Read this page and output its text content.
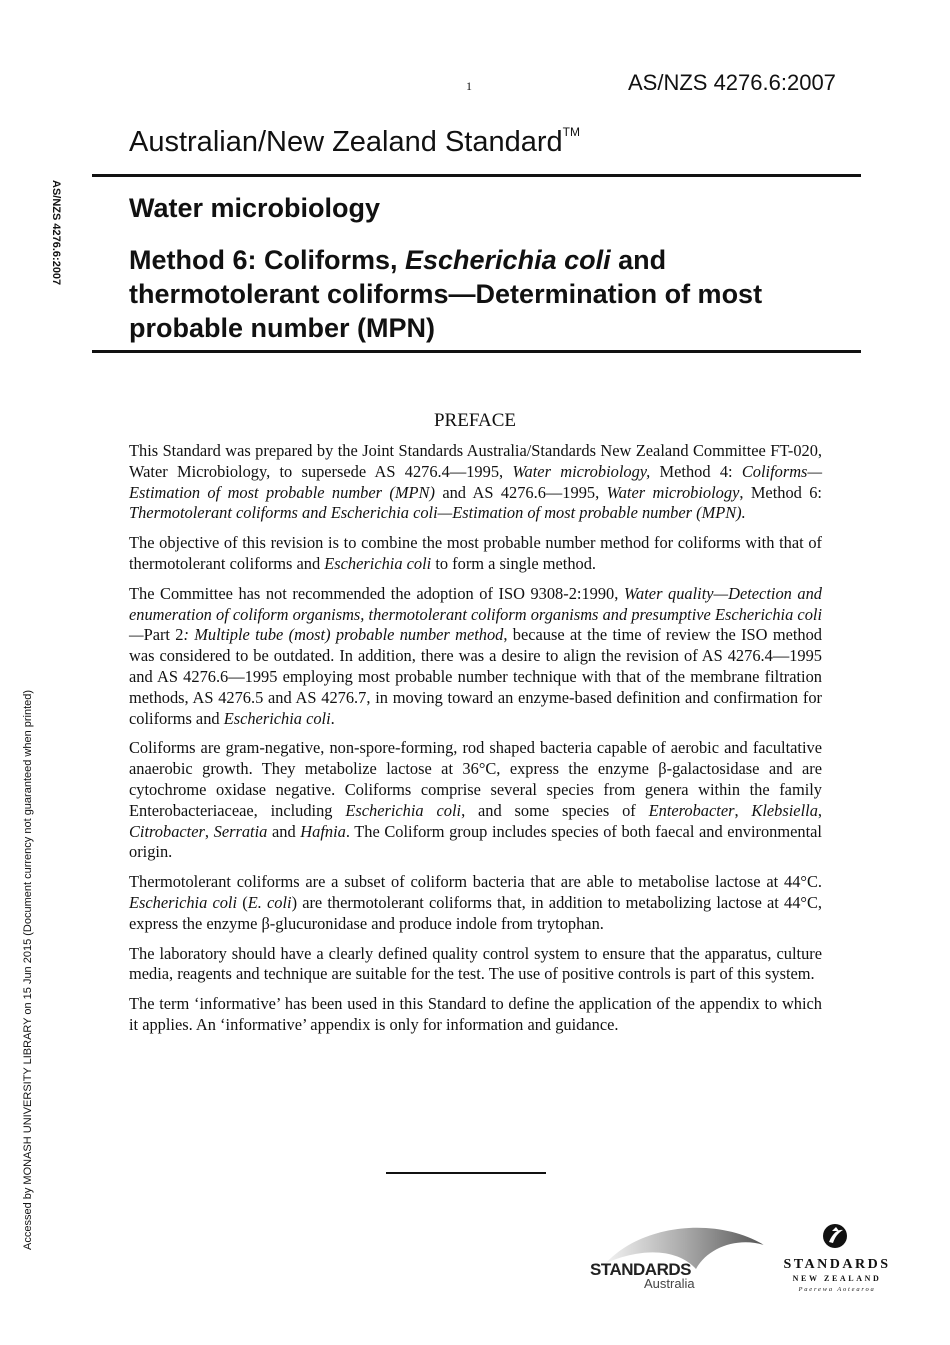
1	AS/NZS 4276.6:2007
Australian/New Zealand Standard™
Water microbiology
Method 6: Coliforms, Escherichia coli and thermotolerant coliforms—Determination of most probable number (MPN)
AS/NZS 4276.6:2007
Accessed by MONASH UNIVERSITY LIBRARY on 15 Jun 2015 (Document currency not guaranteed when printed)
PREFACE

This Standard was prepared by the Joint Standards Australia/Standards New Zealand Committee FT-020, Water Microbiology, to supersede AS 4276.4—1995, Water microbiology, Method 4: Coliforms—Estimation of most probable number (MPN) and AS 4276.6—1995, Water microbiology, Method 6: Thermotolerant coliforms and Escherichia coli—Estimation of most probable number (MPN).

The objective of this revision is to combine the most probable number method for coliforms with that of thermotolerant coliforms and Escherichia coli to form a single method.

The Committee has not recommended the adoption of ISO 9308-2:1990, Water quality—Detection and enumeration of coliform organisms, thermotolerant coliform organisms and presumptive Escherichia coli—Part 2: Multiple tube (most) probable number method, because at the time of review the ISO method was considered to be outdated. In addition, there was a desire to align the revision of AS 4276.4—1995 and AS 4276.6—1995 employing most probable number technique with that of the membrane filtration methods, AS 4276.5 and AS 4276.7, in moving toward an enzyme-based definition and confirmation for coliforms and Escherichia coli.

Coliforms are gram-negative, non-spore-forming, rod shaped bacteria capable of aerobic and facultative anaerobic growth. They metabolize lactose at 36°C, express the enzyme β-galactosidase and are cytochrome oxidase negative. Coliforms comprise several species from genera within the family Enterobacteriaceae, including Escherichia coli, and some species of Enterobacter, Klebsiella, Citrobacter, Serratia and Hafnia. The Coliform group includes species of both faecal and environmental origin.

Thermotolerant coliforms are a subset of coliform bacteria that are able to metabolise lactose at 44°C. Escherichia coli (E. coli) are thermotolerant coliforms that, in addition to metabolizing lactose at 44°C, express the enzyme β-glucuronidase and produce indole from trytophan.

The laboratory should have a clearly defined quality control system to ensure that the apparatus, culture media, reagents and technique are suitable for the test. The use of positive controls is part of this system.

The term ‘informative’ has been used in this Standard to define the application of the appendix to which it applies. An ‘informative’ appendix is only for information and guidance.

STANDARDS
Australia
STANDARDS
NEW ZEALAND
Paerewa Aotearoa
